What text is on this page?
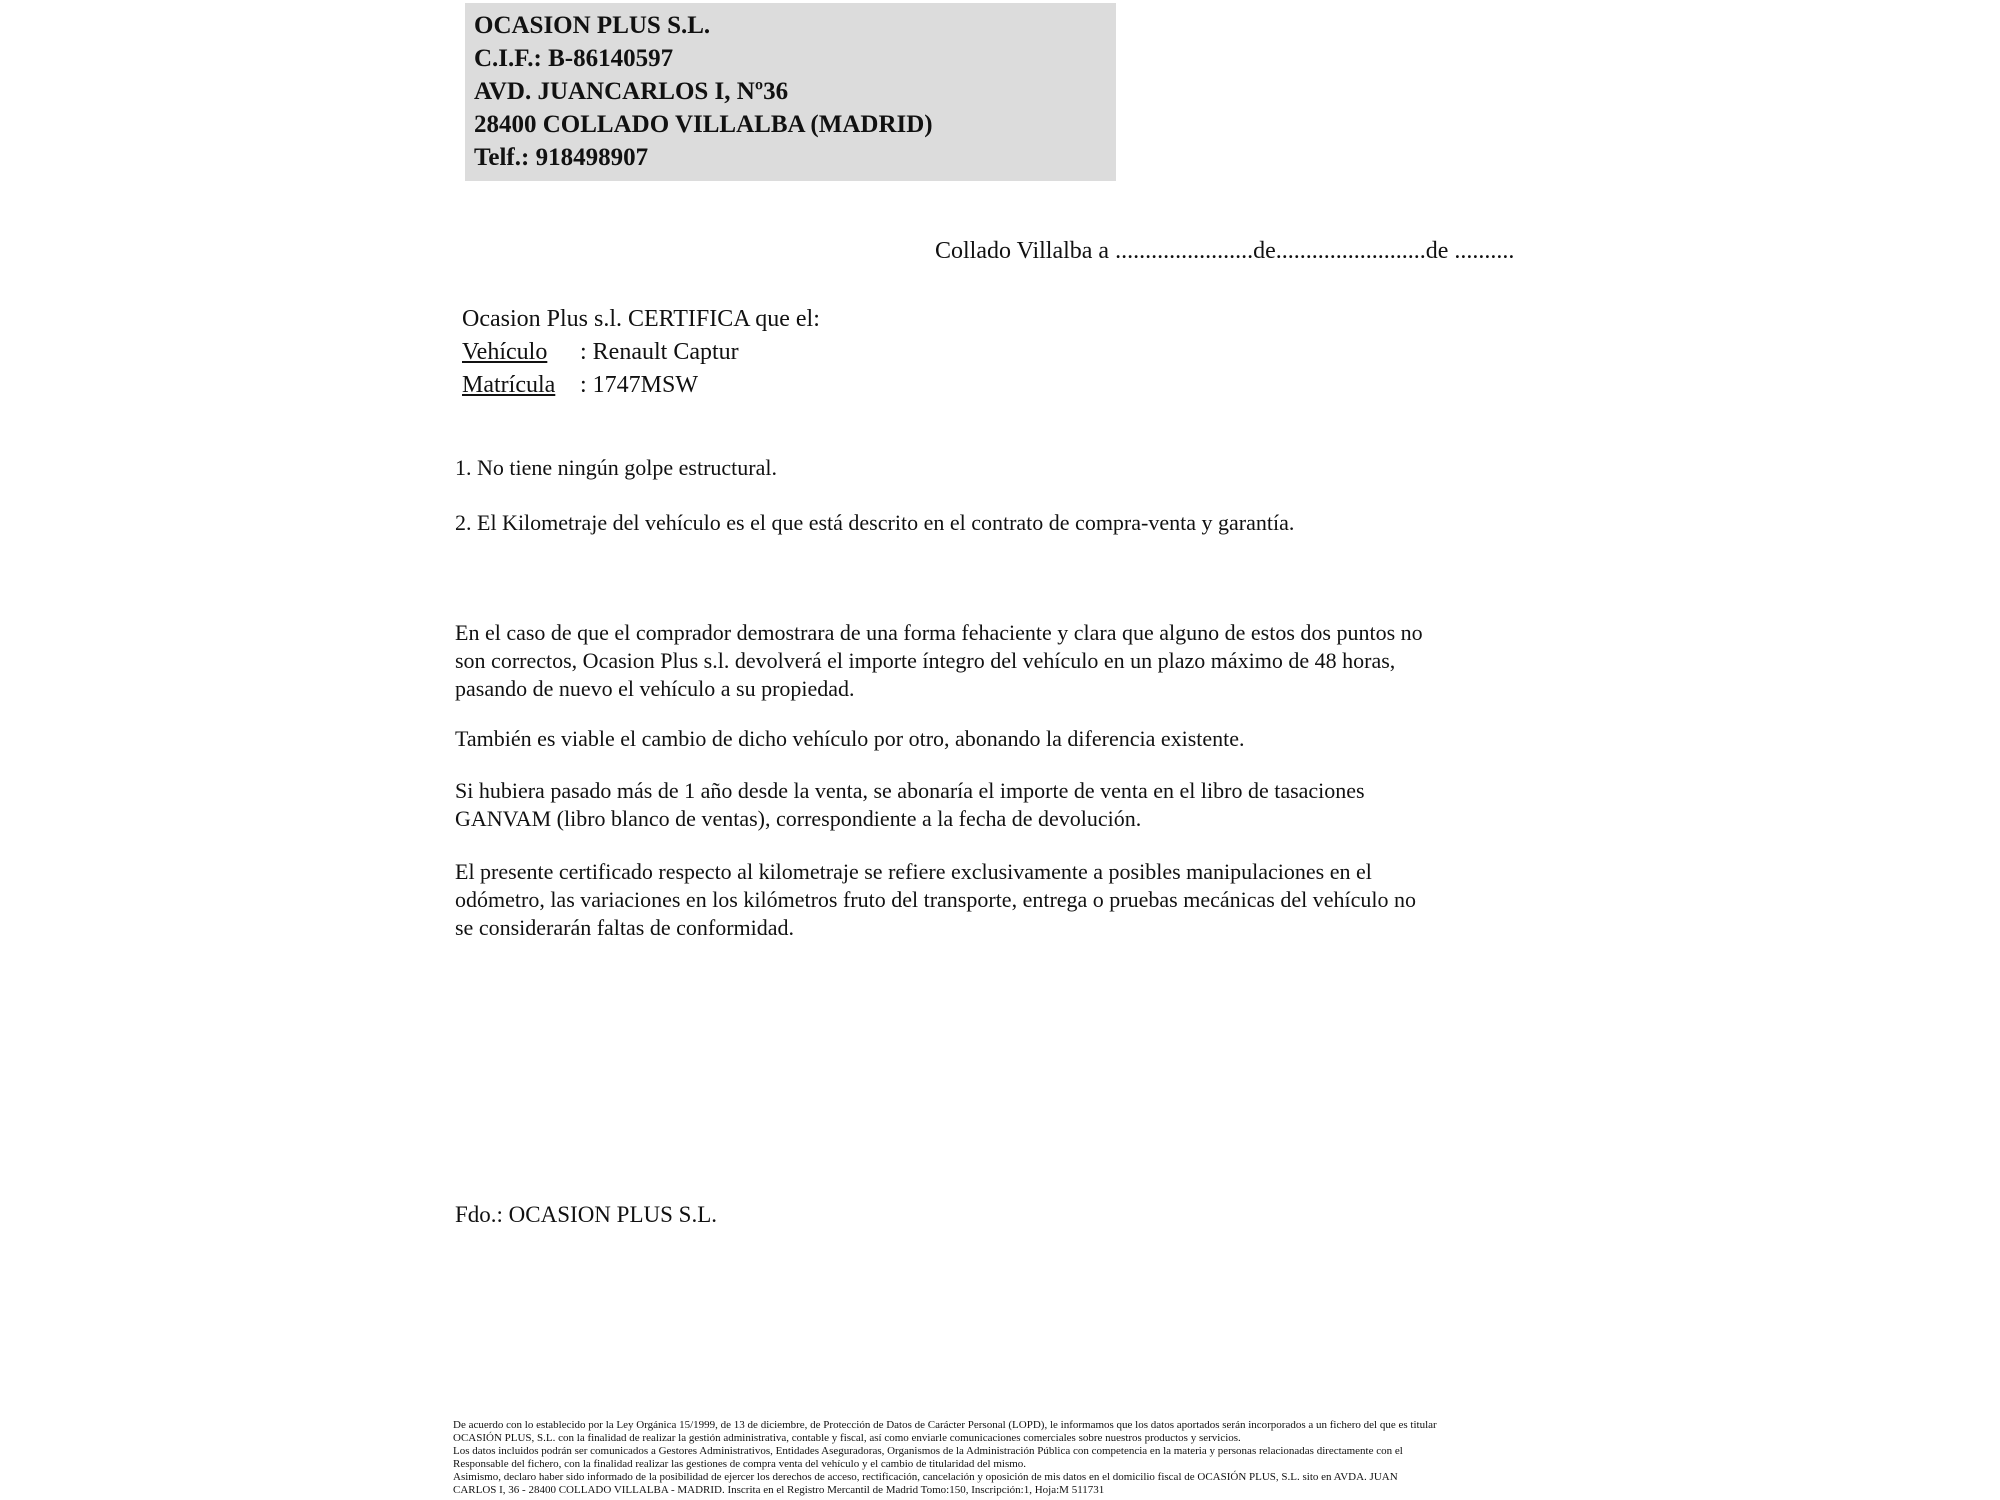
OCASION PLUS S.L.
C.I.F.: B-86140597
AVD. JUANCARLOS I, Nº36
28400 COLLADO VILLALBA (MADRID)
Telf.: 918498907
Collado Villalba a .......................de.........................de ..........
Ocasion Plus s.l. CERTIFICA que el:
Vehículo : Renault Captur
Matrícula : 1747MSW
1. No tiene ningún golpe estructural.
2. El Kilometraje del vehículo es el que está descrito en el contrato de compra-venta y garantía.
En el caso de que el comprador demostrara de una forma fehaciente y clara que alguno de estos dos puntos no
son correctos, Ocasion Plus s.l. devolverá el importe íntegro del vehículo en un plazo máximo de 48 horas,
pasando de nuevo el vehículo a su propiedad.
También es viable el cambio de dicho vehículo por otro, abonando la diferencia existente.
Si hubiera pasado más de 1 año desde la venta, se abonaría el importe de venta en el libro de tasaciones
GANVAM (libro blanco de ventas), correspondiente a la fecha de devolución.
El presente certificado respecto al kilometraje se refiere exclusivamente a posibles manipulaciones en el
odómetro, las variaciones en los kilómetros fruto del transporte, entrega o pruebas mecánicas del vehículo no
se considerarán faltas de conformidad.
Fdo.: OCASION PLUS S.L.
De acuerdo con lo establecido por la Ley Orgánica 15/1999, de 13 de diciembre, de Protección de Datos de Carácter Personal (LOPD), le informamos que los datos aportados serán incorporados a un fichero del que es titular
OCASIÓN PLUS, S.L. con la finalidad de realizar la gestión administrativa, contable y fiscal, así como enviarle comunicaciones comerciales sobre nuestros productos y servicios.
Los datos incluidos podrán ser comunicados a Gestores Administrativos, Entidades Aseguradoras, Organismos de la Administración Pública con competencia en la materia y personas relacionadas directamente con el
Responsable del fichero, con la finalidad realizar las gestiones de compra venta del vehículo y el cambio de titularidad del mismo.
Asimismo, declaro haber sido informado de la posibilidad de ejercer los derechos de acceso, rectificación, cancelación y oposición de mis datos en el domicilio fiscal de OCASIÓN PLUS, S.L. sito en AVDA. JUAN
CARLOS I, 36 - 28400 COLLADO VILLALBA - MADRID. Inscrita en el Registro Mercantil de Madrid Tomo:150, Inscripción:1, Hoja:M 511731
